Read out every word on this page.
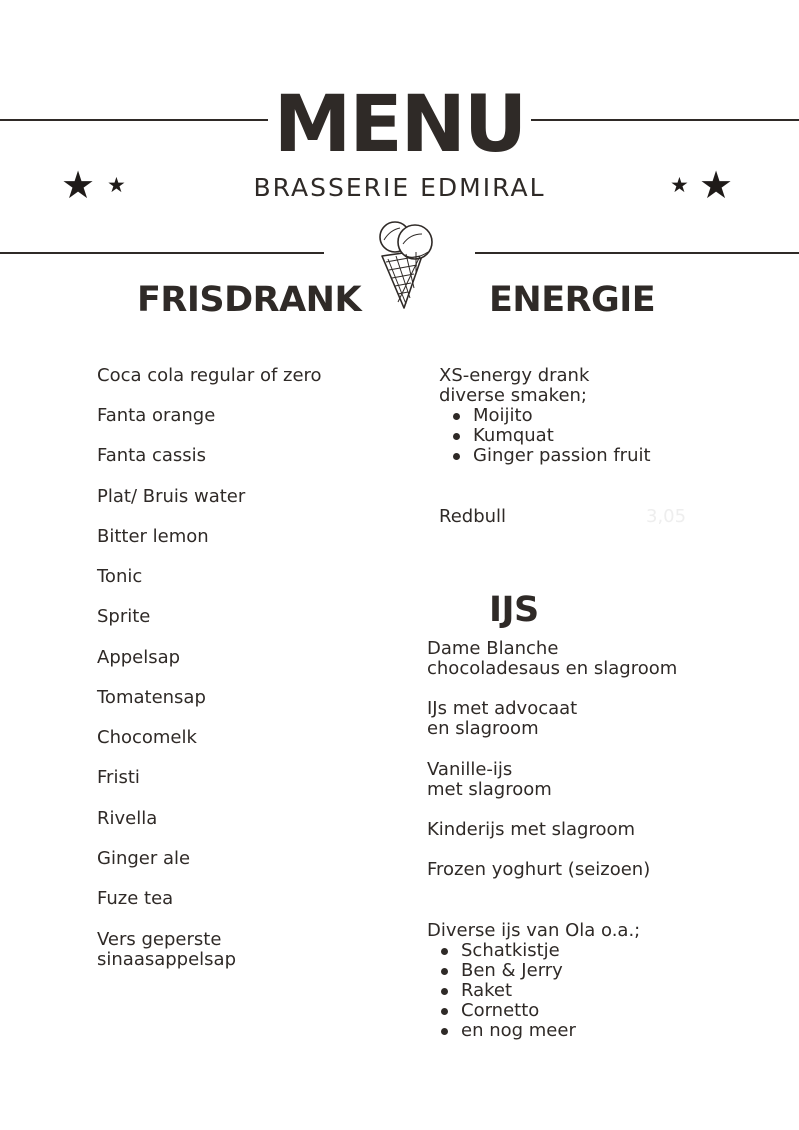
MENU
BRASSERIE EDMIRAL
★ ★	★ ★
FRISDRANK	ENERGIE
Coca cola regular of zero
Fanta orange
Fanta cassis
Plat/ Bruis water
Bitter lemon
Tonic
Sprite
Appelsap
Tomatensap
Chocomelk
Fristi
Rivella
Ginger ale
Fuze tea
Vers geperste
sinaasappelsap
XS-energy drank
diverse smaken;
Moijito
Kumquat
Ginger passion fruit
Redbull	3,05
IJS
Dame Blanche
chocoladesaus en slagroom
IJs met advocaat
en slagroom
Vanille-ijs
met slagroom
Kinderijs met slagroom
Frozen yoghurt (seizoen)
Diverse ijs van Ola o.a.;
Schatkistje
Ben & Jerry
Raket
Cornetto
en nog meer
